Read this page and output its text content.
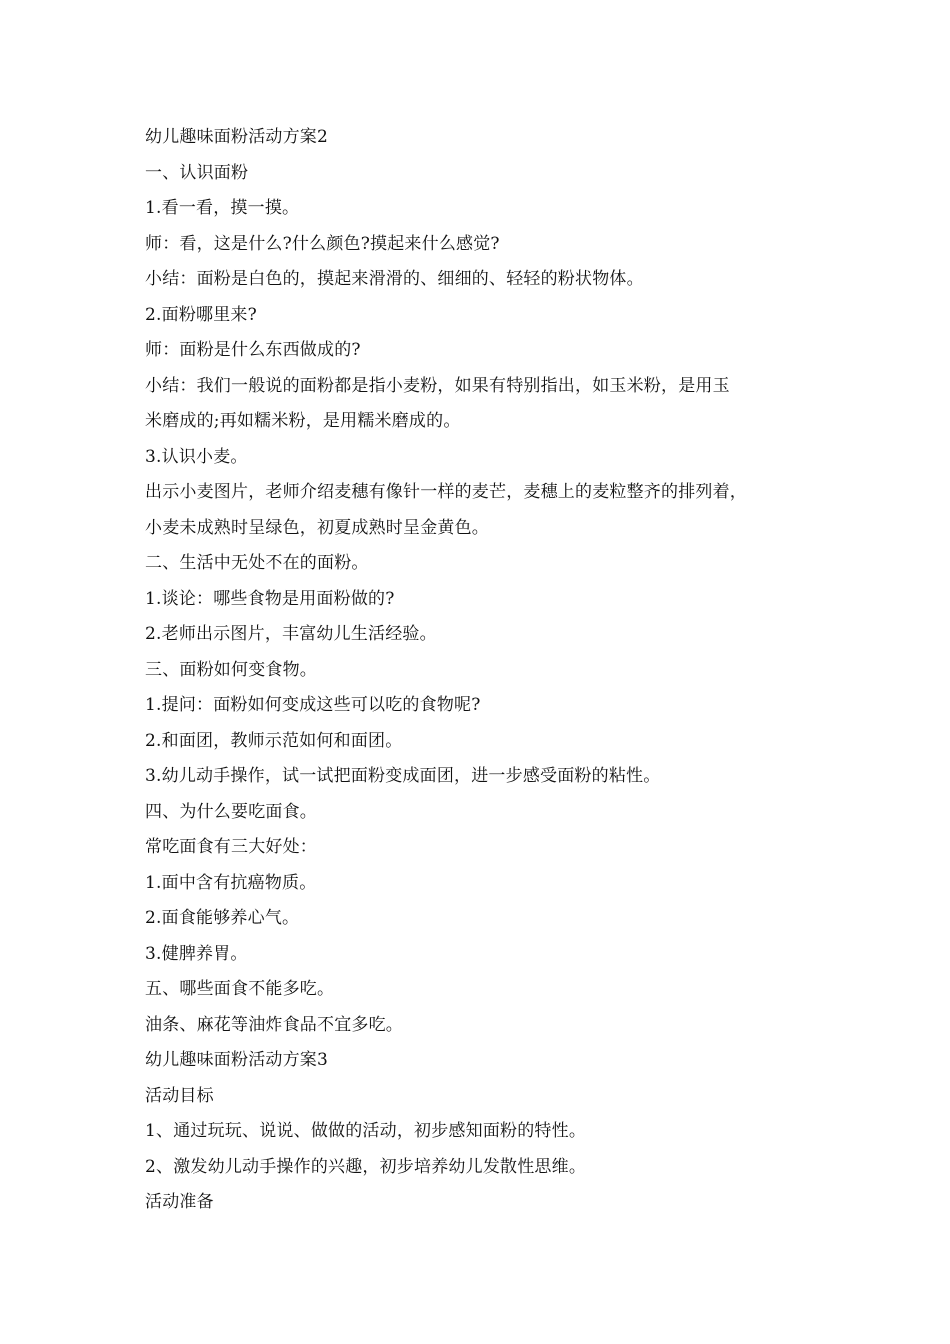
幼儿趣味面粉活动方案2

一、认识面粉

1.看一看，摸一摸。

师：看，这是什么?什么颜色?摸起来什么感觉?

小结：面粉是白色的，摸起来滑滑的、细细的、轻轻的粉状物体。

2.面粉哪里来?

师：面粉是什么东西做成的?

小结：我们一般说的面粉都是指小麦粉，如果有特别指出，如玉米粉，是用玉

米磨成的;再如糯米粉，是用糯米磨成的。

3.认识小麦。

出示小麦图片，老师介绍麦穗有像针一样的麦芒，麦穗上的麦粒整齐的排列着，

小麦未成熟时呈绿色，初夏成熟时呈金黄色。

二、生活中无处不在的面粉。

1.谈论：哪些食物是用面粉做的?

2.老师出示图片，丰富幼儿生活经验。

三、面粉如何变食物。

1.提问：面粉如何变成这些可以吃的食物呢?

2.和面团，教师示范如何和面团。

3.幼儿动手操作，试一试把面粉变成面团，进一步感受面粉的粘性。

四、为什么要吃面食。

常吃面食有三大好处：

1.面中含有抗癌物质。

2.面食能够养心气。

3.健脾养胃。

五、哪些面食不能多吃。

油条、麻花等油炸食品不宜多吃。

幼儿趣味面粉活动方案3

活动目标

1、通过玩玩、说说、做做的活动，初步感知面粉的特性。

2、激发幼儿动手操作的兴趣，初步培养幼儿发散性思维。

活动准备
